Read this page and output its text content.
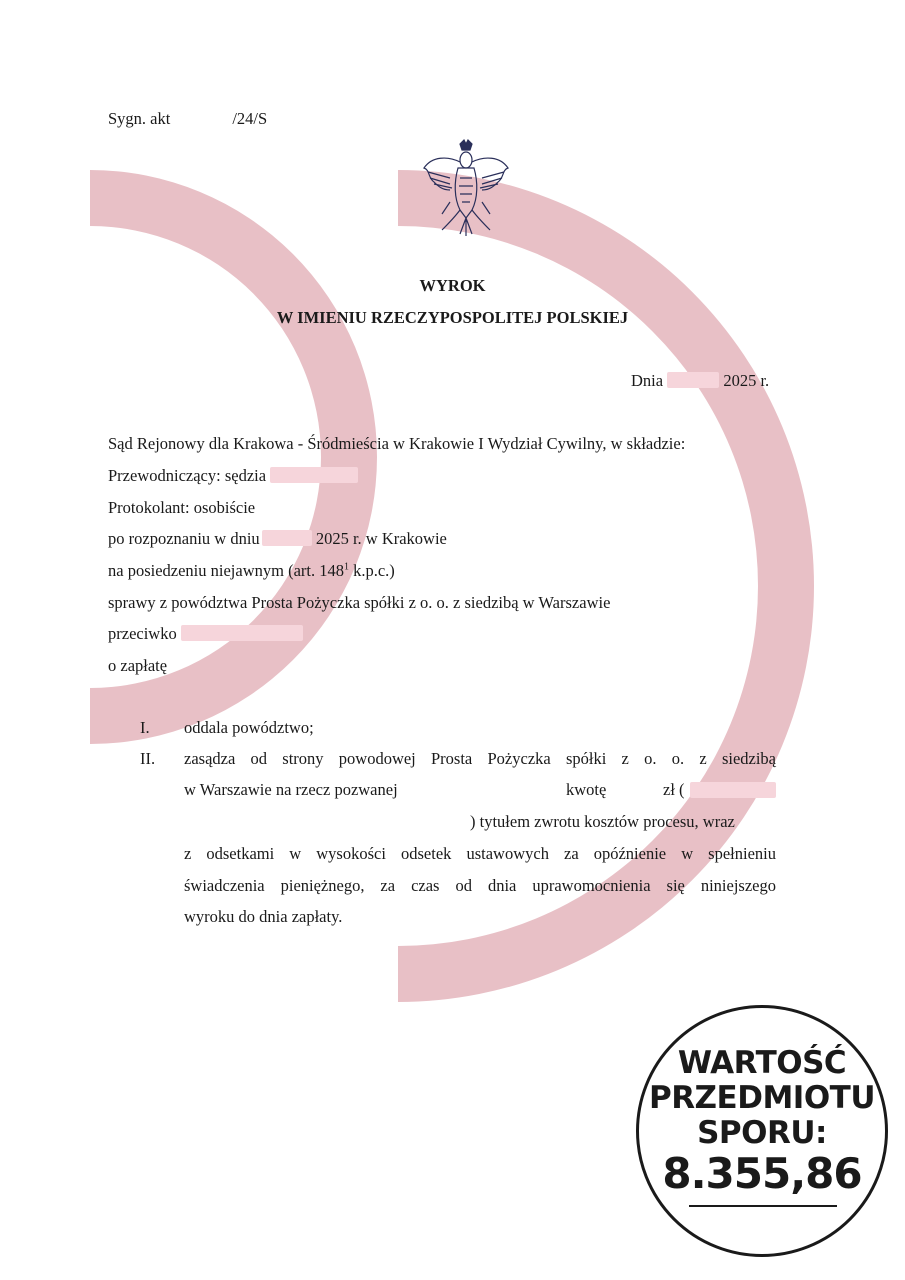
Sygn. akt	/24/S
WYROK
W IMIENIU RZECZYPOSPOLITEJ POLSKIEJ
Dnia	2025 r.
Sąd Rejonowy dla Krakowa - Śródmieścia w Krakowie I Wydział Cywilny, w składzie:
Przewodniczący: sędzia
Protokolant: osobiście
po rozpoznaniu w dniu	2025 r. w Krakowie
na posiedzeniu niejawnym (art. $148^1$ k.p.c.)
sprawy z powództwa Prosta Pożyczka spółki z o. o. z siedzibą w Warszawie
przeciwko
o zapłatę
I. oddala powództwo;
II. zasądza od strony powodowej Prosta Pożyczka spółki z o. o. z siedzibą
w Warszawie na rzecz pozwanej	kwotę	zł (
) tytułem zwrotu kosztów procesu, wraz
z odsetkami w wysokości odsetek ustawowych za opóźnienie w spełnieniu
świadczenia pieniężnego, za czas od dnia uprawomocnienia się niniejszego
wyroku do dnia zapłaty.
WARTOŚĆ
PRZEDMIOTU
SPORU:
8.355,86
